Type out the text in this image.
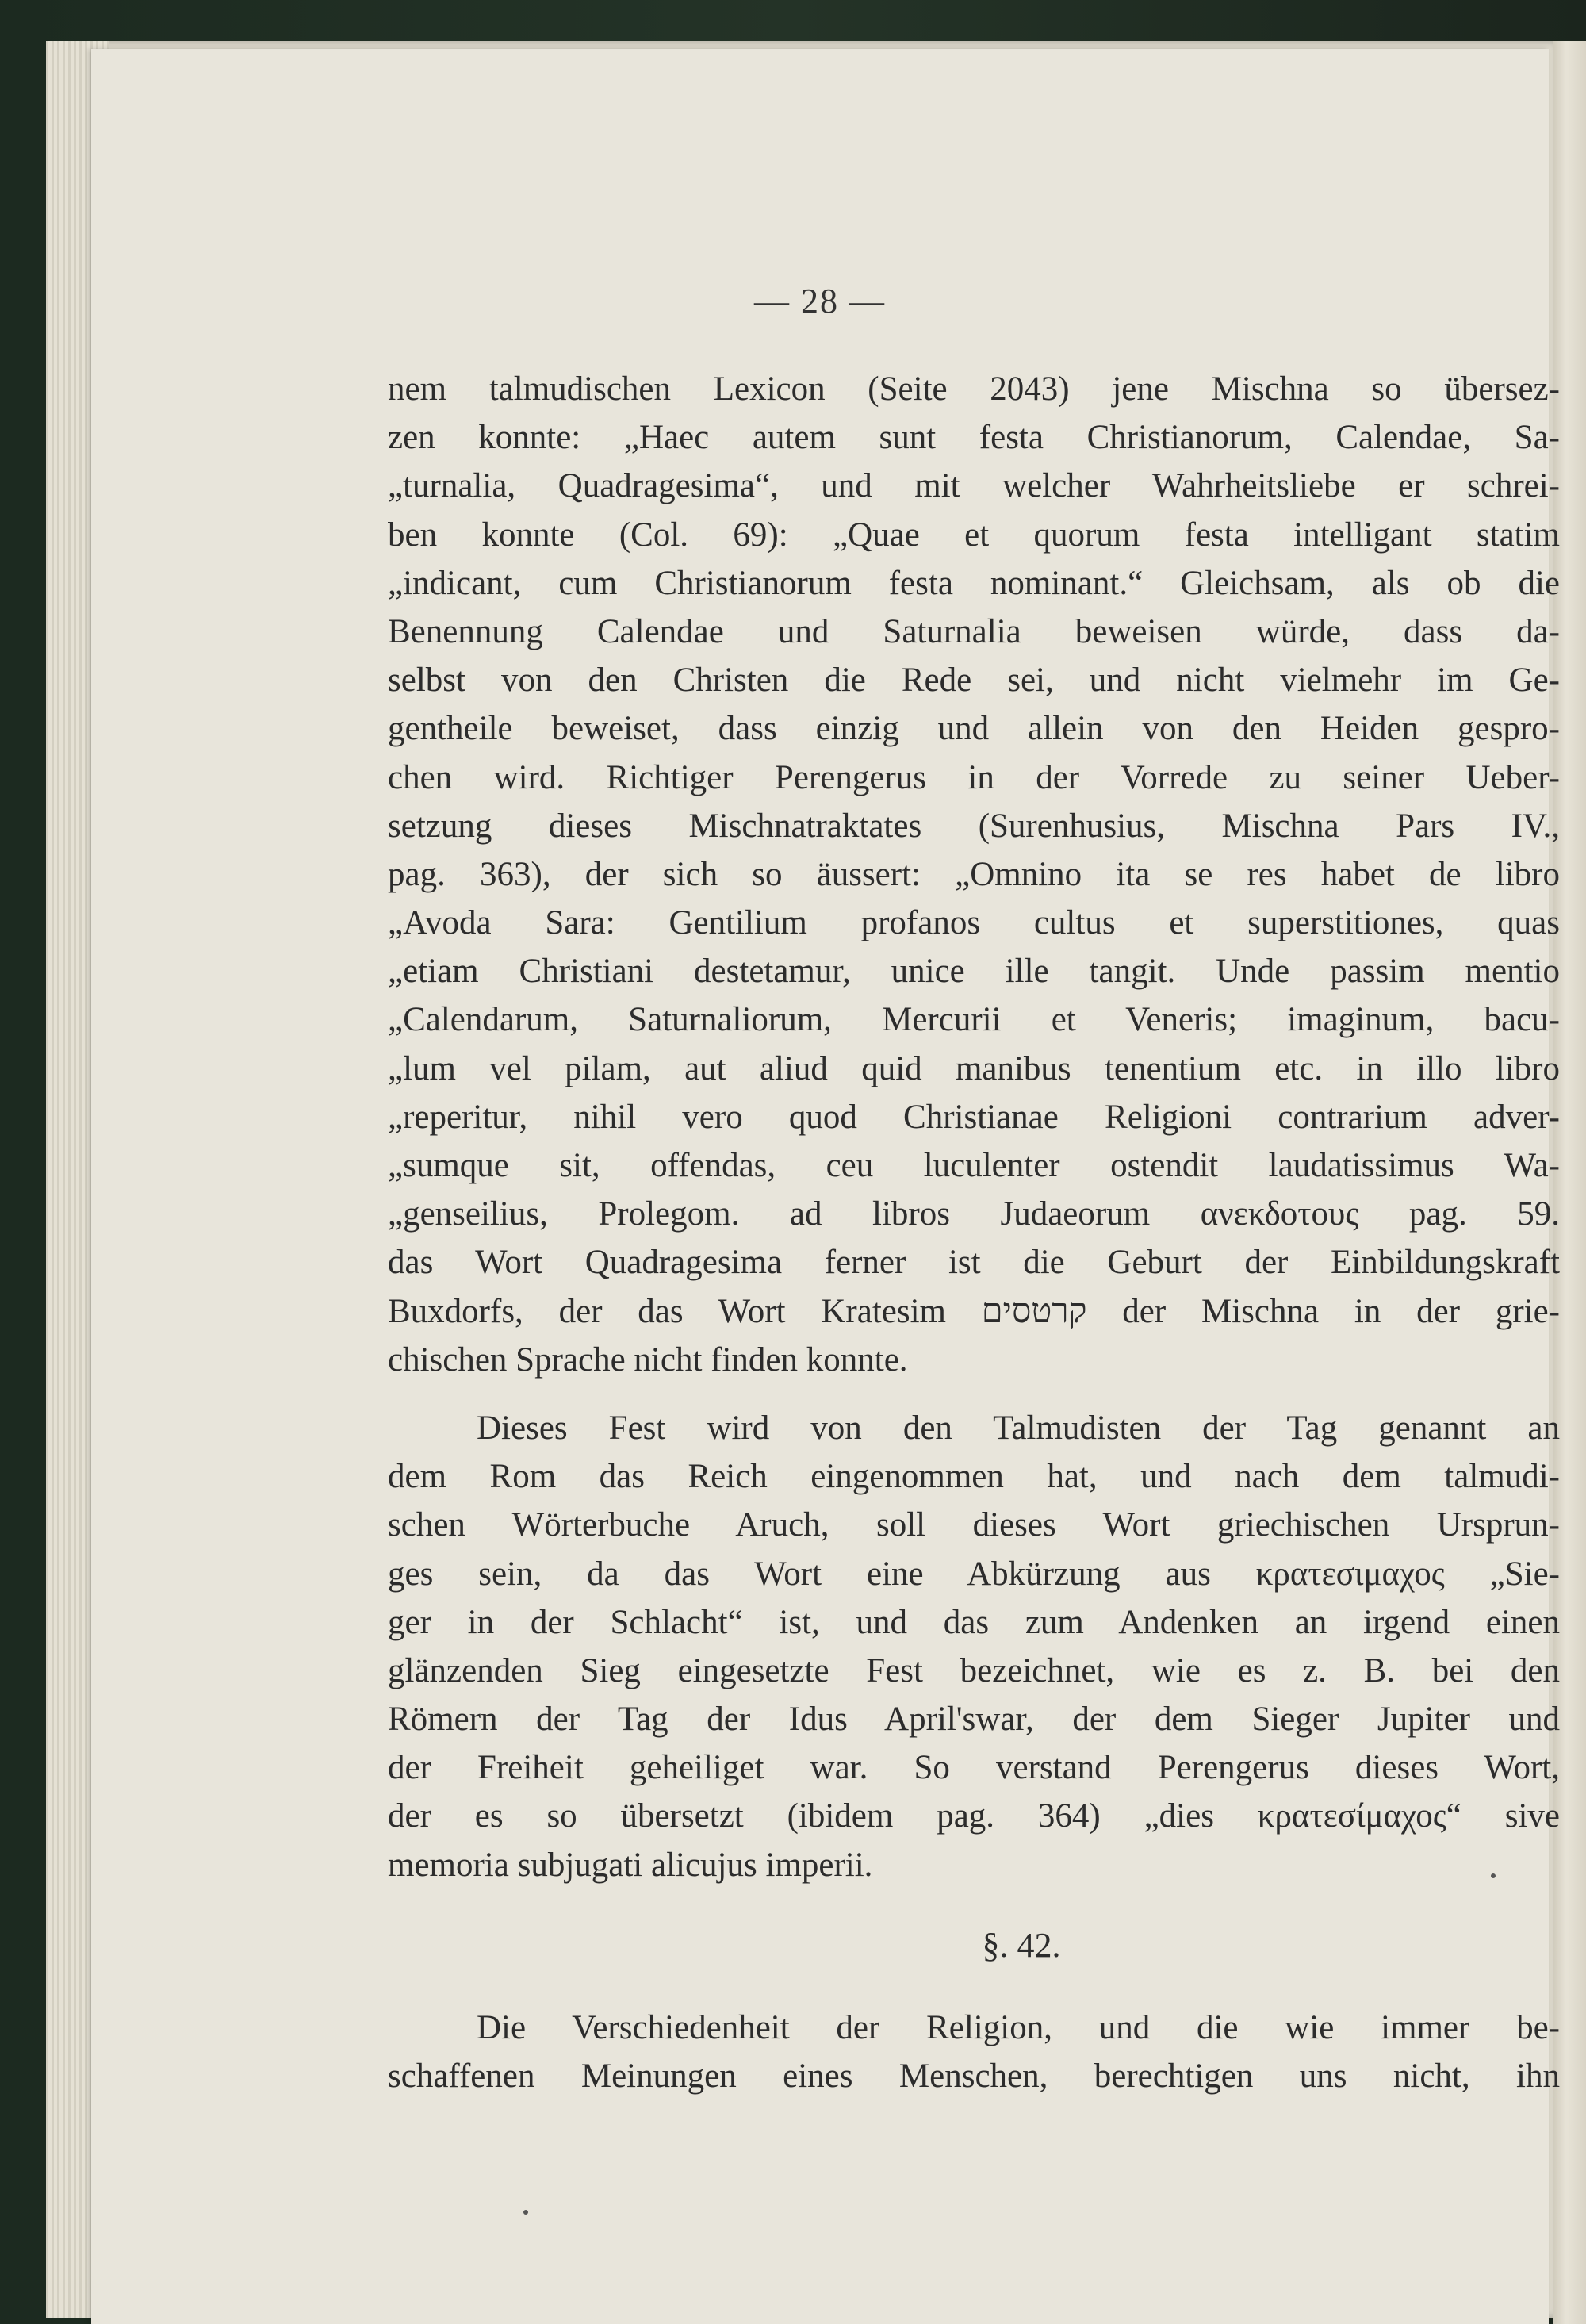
— 28 —
nem talmudischen Lexicon (Seite 2043) jene Mischna so übersez-
zen konnte: „Haec autem sunt festa Christianorum, Calendae, Sa-
„turnalia, Quadragesima“, und mit welcher Wahrheitsliebe er schrei-
ben konnte (Col. 69): „Quae et quorum festa intelligant statim
„indicant, cum Christianorum festa nominant.“ Gleichsam, als ob die
Benennung Calendae und Saturnalia beweisen würde, dass da-
selbst von den Christen die Rede sei, und nicht vielmehr im Ge-
gentheile beweiset, dass einzig und allein von den Heiden gespro-
chen wird. Richtiger Perengerus in der Vorrede zu seiner Ueber-
setzung dieses Mischnatraktates (Surenhusius, Mischna Pars IV.,
pag. 363), der sich so äussert: „Omnino ita se res habet de libro
„Avoda Sara: Gentilium profanos cultus et superstitiones, quas
„etiam Christiani destetamur, unice ille tangit. Unde passim mentio
„Calendarum, Saturnaliorum, Mercurii et Veneris; imaginum, bacu-
„lum vel pilam, aut aliud quid manibus tenentium etc. in illo libro
„reperitur, nihil vero quod Christianae Religioni contrarium adver-
„sumque sit, offendas, ceu luculenter ostendit laudatissimus Wa-
„genseilius, Prolegom. ad libros Judaeorum ανεκδοτους pag. 59.
das Wort Quadragesima ferner ist die Geburt der Einbildungskraft
Buxdorfs, der das Wort Kratesim קרטסים der Mischna in der grie-
chischen Sprache nicht finden konnte.
Dieses Fest wird von den Talmudisten der Tag genannt an
dem Rom das Reich eingenommen hat, und nach dem talmudi-
schen Wörterbuche Aruch, soll dieses Wort griechischen Ursprun-
ges sein, da das Wort eine Abkürzung aus κρατεσιμαχος „Sie-
ger in der Schlacht“ ist, und das zum Andenken an irgend einen
glänzenden Sieg eingesetzte Fest bezeichnet, wie es z. B. bei den
Römern der Tag der Idus April'swar, der dem Sieger Jupiter und
der Freiheit geheiliget war. So verstand Perengerus dieses Wort,
der es so übersetzt (ibidem pag. 364) „dies κρατεσίμαχος“ sive
memoria subjugati alicujus imperii.
§. 42.
Die Verschiedenheit der Religion, und die wie immer be-
schaffenen Meinungen eines Menschen, berechtigen uns nicht, ihn
